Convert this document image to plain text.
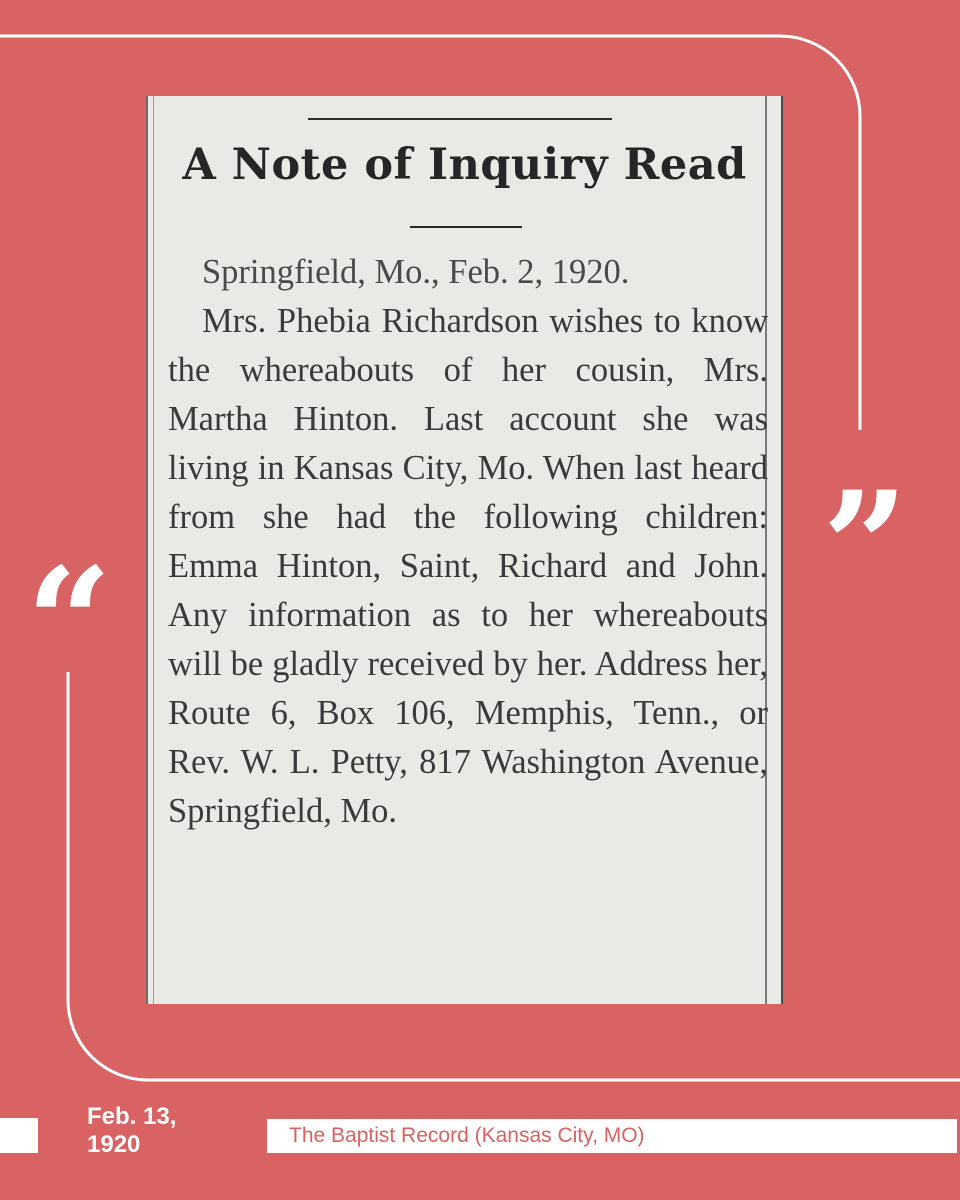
“	”
A Note of Inquiry Read

Springfield, Mo., Feb. 2, 1920.

Mrs. Phebia Richardson wishes to know the whereabouts of her cousin, Mrs. Martha Hinton. Last account she was living in Kansas City, Mo. When last heard from she had the following children: Emma Hinton, Saint, Richard and John. Any information as to her whereabouts will be gladly received by her. Address her, Route 6, Box 106, Memphis, Tenn., or Rev. W. L. Petty, 817 Washington Avenue, Springfield, Mo.

Feb. 13,
1920	The Baptist Record (Kansas City, MO)
